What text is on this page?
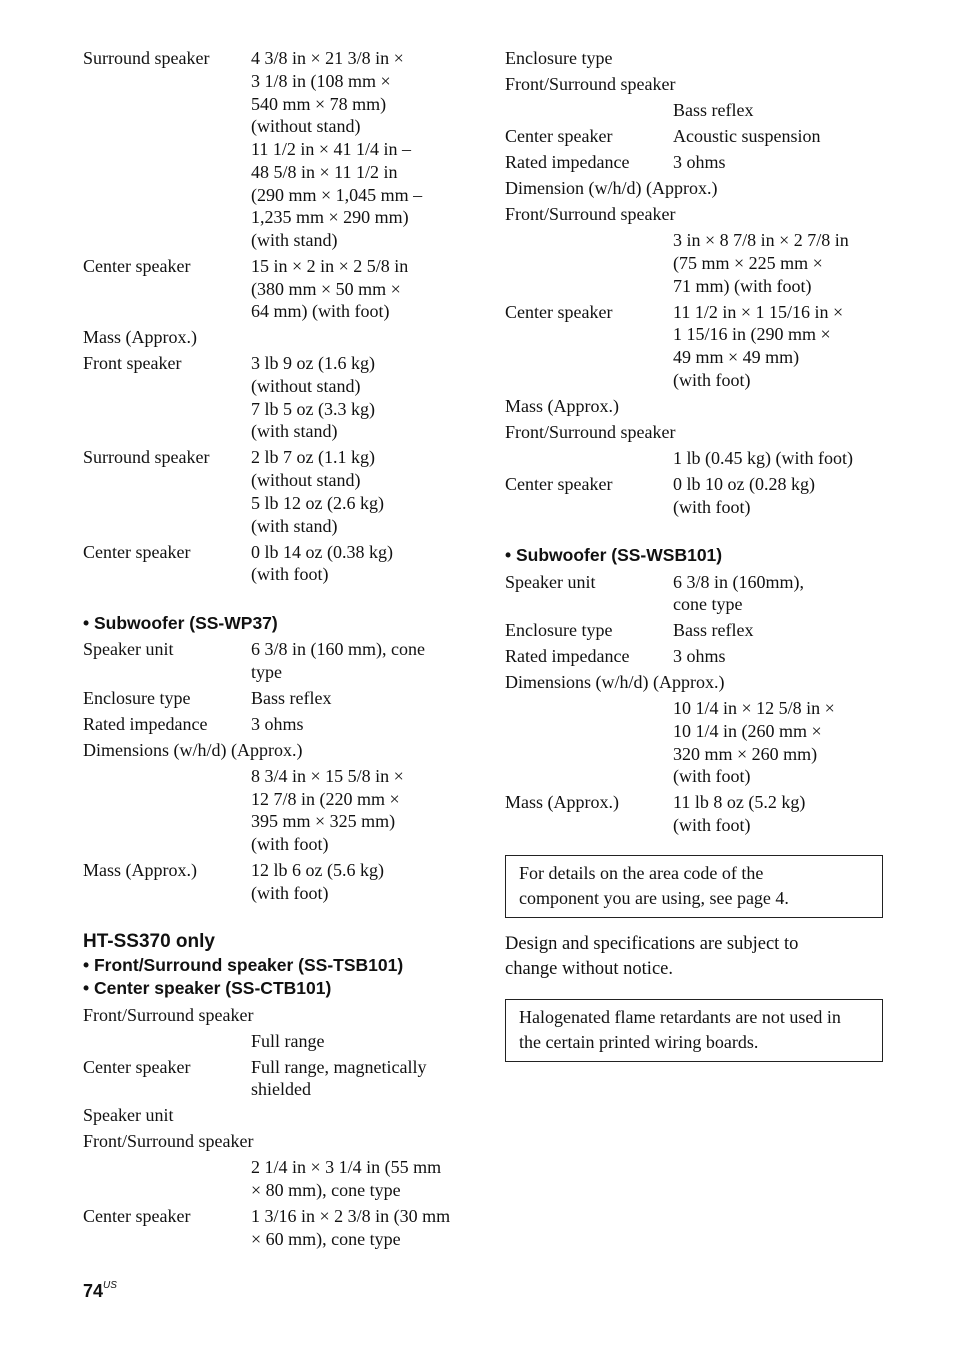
Surround speaker	4 3/8 in × 21 3/8 in ×
3 1/8 in (108 mm ×
540 mm × 78 mm)
(without stand)
11 1/2 in × 41 1/4 in –
48 5/8 in × 11 1/2 in
(290 mm × 1,045 mm –
1,235 mm × 290 mm)
(with stand)
Center speaker	15 in × 2 in × 2 5/8 in
(380 mm × 50 mm ×
64 mm) (with foot)
Mass (Approx.)
Front speaker	3 lb 9 oz (1.6 kg)
(without stand)
7 lb 5 oz (3.3 kg)
(with stand)
Surround speaker	2 lb 7 oz (1.1 kg)
(without stand)
5 lb 12 oz (2.6 kg)
(with stand)
Center speaker	0 lb 14 oz (0.38 kg)
(with foot)
• Subwoofer (SS-WP37)
Speaker unit	6 3/8 in (160 mm), cone
type
Enclosure type	Bass reflex
Rated impedance	3 ohms
Dimensions (w/h/d) (Approx.)
8 3/4 in × 15 5/8 in ×
12 7/8 in (220 mm ×
395 mm × 325 mm)
(with foot)
Mass (Approx.)	12 lb 6 oz (5.6 kg)
(with foot)
HT-SS370 only
• Front/Surround speaker (SS-TSB101)
• Center speaker (SS-CTB101)
Front/Surround speaker
Full range
Center speaker	Full range, magnetically
shielded
Speaker unit
Front/Surround speaker
2 1/4 in × 3 1/4 in (55 mm
× 80 mm), cone type
Center speaker	1 3/16 in × 2 3/8 in (30 mm
× 60 mm), cone type
Enclosure type
Front/Surround speaker
Bass reflex
Center speaker	Acoustic suspension
Rated impedance	3 ohms
Dimension (w/h/d) (Approx.)
Front/Surround speaker
3 in × 8 7/8 in × 2 7/8 in
(75 mm × 225 mm ×
71 mm) (with foot)
Center speaker	11 1/2 in × 1 15/16 in ×
1 15/16 in (290 mm ×
49 mm × 49 mm)
(with foot)
Mass (Approx.)
Front/Surround speaker
1 lb (0.45 kg) (with foot)
Center speaker	0 lb 10 oz (0.28 kg)
(with foot)
• Subwoofer (SS-WSB101)
Speaker unit	6 3/8 in (160mm),
cone type
Enclosure type	Bass reflex
Rated impedance	3 ohms
Dimensions (w/h/d) (Approx.)
10 1/4 in × 12 5/8 in ×
10 1/4 in (260 mm ×
320 mm × 260 mm)
(with foot)
Mass (Approx.)	11 lb 8 oz (5.2 kg)
(with foot)
For details on the area code of the
component you are using, see page 4.
Design and specifications are subject to
change without notice.
Halogenated flame retardants are not used in
the certain printed wiring boards.
$74^{US}$
